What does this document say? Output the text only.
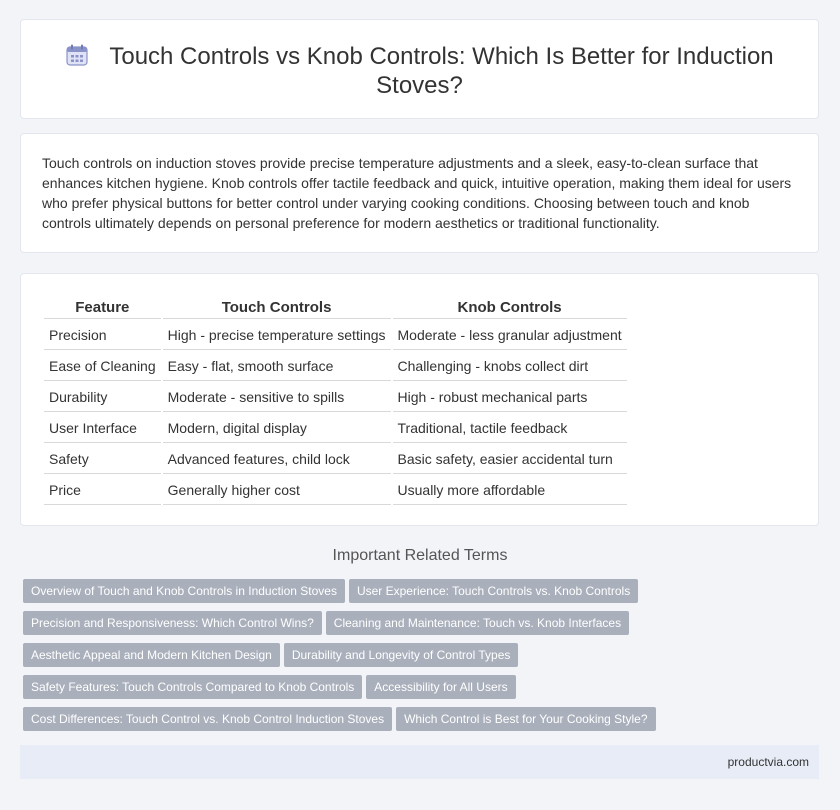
Touch Controls vs Knob Controls: Which Is Better for Induction Stoves?

Touch controls on induction stoves provide precise temperature adjustments and a sleek, easy-to-clean surface that enhances kitchen hygiene. Knob controls offer tactile feedback and quick, intuitive operation, making them ideal for users who prefer physical buttons for better control under varying cooking conditions. Choosing between touch and knob controls ultimately depends on personal preference for modern aesthetics or traditional functionality.

Feature	Touch Controls	Knob Controls
Precision	High - precise temperature settings	Moderate - less granular adjustment
Ease of Cleaning	Easy - flat, smooth surface	Challenging - knobs collect dirt
Durability	Moderate - sensitive to spills	High - robust mechanical parts
User Interface	Modern, digital display	Traditional, tactile feedback
Safety	Advanced features, child lock	Basic safety, easier accidental turn
Price	Generally higher cost	Usually more affordable
Important Related Terms
Overview of Touch and Knob Controls in Induction Stoves User Experience: Touch Controls vs. Knob Controls
Precision and Responsiveness: Which Control Wins? Cleaning and Maintenance: Touch vs. Knob Interfaces
Aesthetic Appeal and Modern Kitchen Design Durability and Longevity of Control Types
Safety Features: Touch Controls Compared to Knob Controls Accessibility for All Users
Cost Differences: Touch Control vs. Knob Control Induction Stoves Which Control is Best for Your Cooking Style?
productvia.com
